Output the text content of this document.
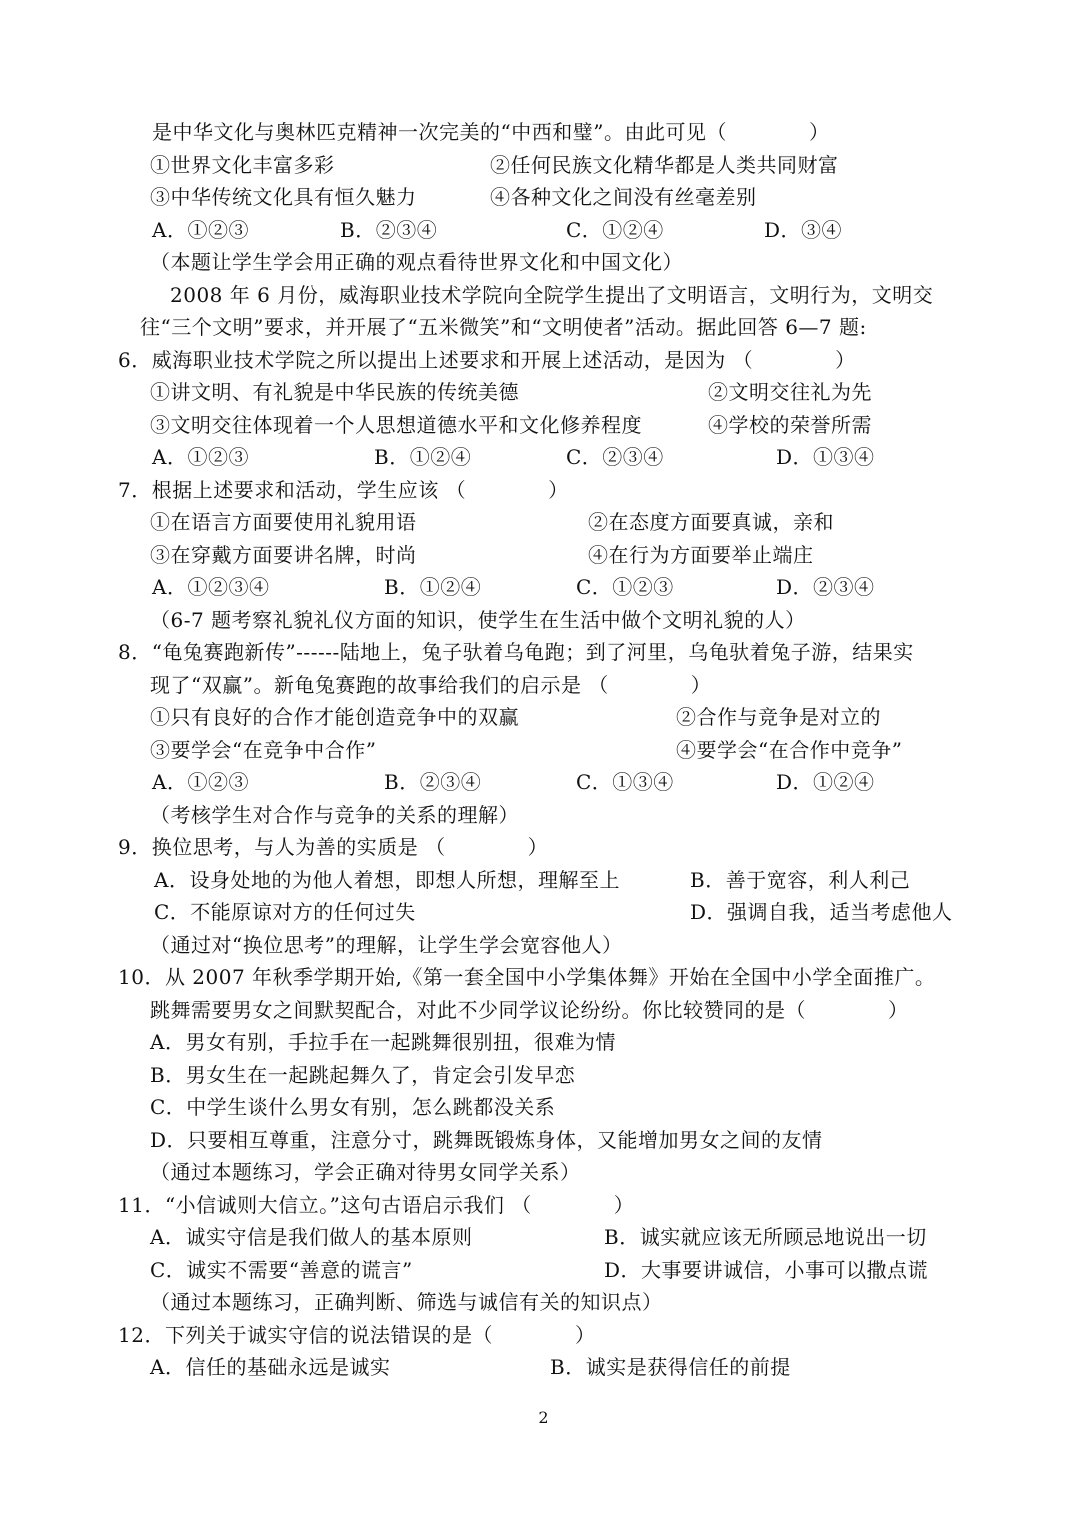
是中华文化与奥林匹克精神一次完美的“中西和璧”。由此可见（　　　　）
①世界文化丰富多彩	②任何民族文化精华都是人类共同财富
③中华传统文化具有恒久魅力	④各种文化之间没有丝毫差别
A．①②③	B．②③④	C．①②④	D．③④
（本题让学生学会用正确的观点看待世界文化和中国文化）
2008 年 6 月份，威海职业技术学院向全院学生提出了文明语言，文明行为，文明交
往“三个文明”要求，并开展了“五米微笑”和“文明使者”活动。据此回答 6—7 题:
6．威海职业技术学院之所以提出上述要求和开展上述活动，是因为 （　　　　）
①讲文明、有礼貌是中华民族的传统美德	②文明交往礼为先
③文明交往体现着一个人思想道德水平和文化修养程度	④学校的荣誉所需
A．①②③	B．①②④	C．②③④	D．①③④
7．根据上述要求和活动，学生应该 （　　　　）
①在语言方面要使用礼貌用语	②在态度方面要真诚，亲和
③在穿戴方面要讲名牌，时尚	④在行为方面要举止端庄
A．①②③④	B．①②④	C．①②③	D．②③④
（6-7 题考察礼貌礼仪方面的知识，使学生在生活中做个文明礼貌的人）
8．“龟兔赛跑新传”------陆地上，兔子驮着乌龟跑；到了河里，乌龟驮着兔子游，结果实
现了“双赢”。新龟兔赛跑的故事给我们的启示是 （　　　　）
①只有良好的合作才能创造竞争中的双赢	②合作与竞争是对立的
③要学会“在竞争中合作”	④要学会“在合作中竞争”
A．①②③	B．②③④	C．①③④	D．①②④
（考核学生对合作与竞争的关系的理解）
9．换位思考，与人为善的实质是 （　　　　）
A．设身处地的为他人着想，即想人所想，理解至上	B．善于宽容，利人利己
C．不能原谅对方的任何过失	D．强调自我，适当考虑他人
（通过对“换位思考”的理解，让学生学会宽容他人）
10．从 2007 年秋季学期开始,《第一套全国中小学集体舞》开始在全国中小学全面推广。
跳舞需要男女之间默契配合，对此不少同学议论纷纷。你比较赞同的是（　　　　）
A．男女有别，手拉手在一起跳舞很别扭，很难为情
B．男女生在一起跳起舞久了，肯定会引发早恋
C．中学生谈什么男女有别，怎么跳都没关系
D．只要相互尊重，注意分寸，跳舞既锻炼身体，又能增加男女之间的友情
（通过本题练习，学会正确对待男女同学关系）
11．“小信诚则大信立。”这句古语启示我们 （　　　　）
A．诚实守信是我们做人的基本原则	B．诚实就应该无所顾忌地说出一切
C．诚实不需要“善意的谎言”	D．大事要讲诚信，小事可以撒点谎
（通过本题练习，正确判断、筛选与诚信有关的知识点）
12．下列关于诚实守信的说法错误的是（　　　　）
A．信任的基础永远是诚实	B．诚实是获得信任的前提
2
